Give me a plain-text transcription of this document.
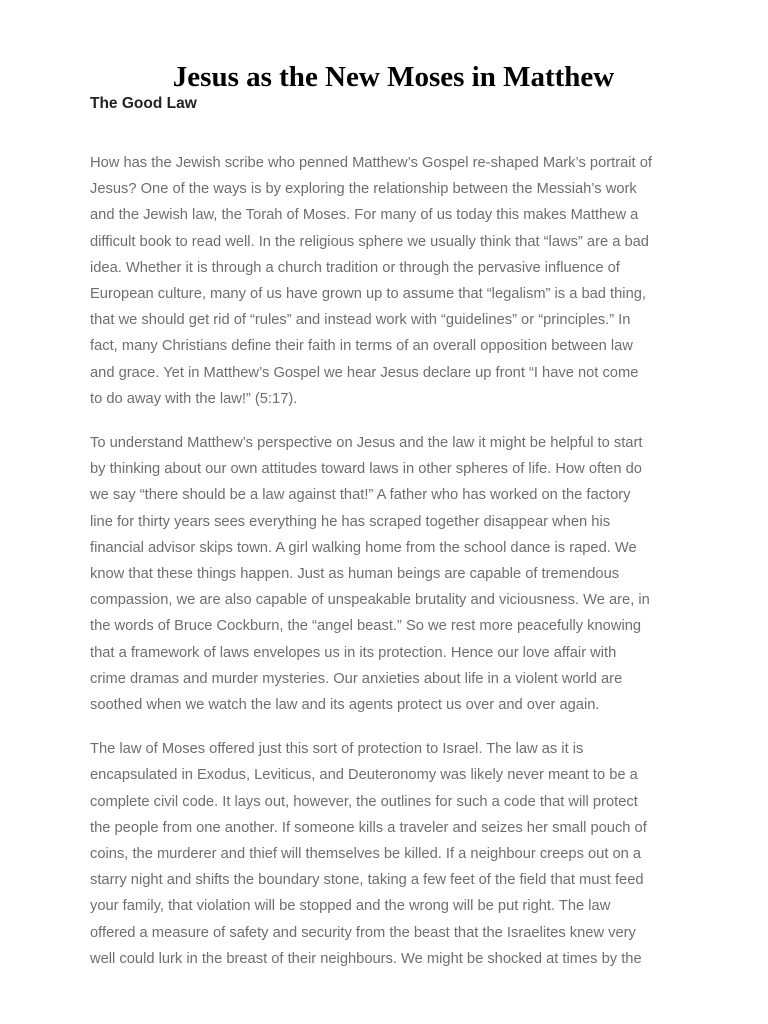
Jesus as the New Moses in Matthew
The Good Law

How has the Jewish scribe who penned Matthew’s Gospel re-shaped Mark’s portrait of
Jesus? One of the ways is by exploring the relationship between the Messiah’s work
and the Jewish law, the Torah of Moses. For many of us today this makes Matthew a
difficult book to read well. In the religious sphere we usually think that “laws” are a bad
idea. Whether it is through a church tradition or through the pervasive influence of
European culture, many of us have grown up to assume that “legalism” is a bad thing,
that we should get rid of “rules” and instead work with “guidelines” or “principles.” In
fact, many Christians define their faith in terms of an overall opposition between law
and grace. Yet in Matthew’s Gospel we hear Jesus declare up front “I have not come
to do away with the law!” (5:17).

To understand Matthew’s perspective on Jesus and the law it might be helpful to start
by thinking about our own attitudes toward laws in other spheres of life. How often do
we say “there should be a law against that!” A father who has worked on the factory
line for thirty years sees everything he has scraped together disappear when his
financial advisor skips town. A girl walking home from the school dance is raped. We
know that these things happen. Just as human beings are capable of tremendous
compassion, we are also capable of unspeakable brutality and viciousness. We are, in
the words of Bruce Cockburn, the “angel beast.” So we rest more peacefully knowing
that a framework of laws envelopes us in its protection. Hence our love affair with
crime dramas and murder mysteries. Our anxieties about life in a violent world are
soothed when we watch the law and its agents protect us over and over again.

The law of Moses offered just this sort of protection to Israel. The law as it is
encapsulated in Exodus, Leviticus, and Deuteronomy was likely never meant to be a
complete civil code. It lays out, however, the outlines for such a code that will protect
the people from one another. If someone kills a traveler and seizes her small pouch of
coins, the murderer and thief will themselves be killed. If a neighbour creeps out on a
starry night and shifts the boundary stone, taking a few feet of the field that must feed
your family, that violation will be stopped and the wrong will be put right. The law
offered a measure of safety and security from the beast that the Israelites knew very
well could lurk in the breast of their neighbours. We might be shocked at times by the
